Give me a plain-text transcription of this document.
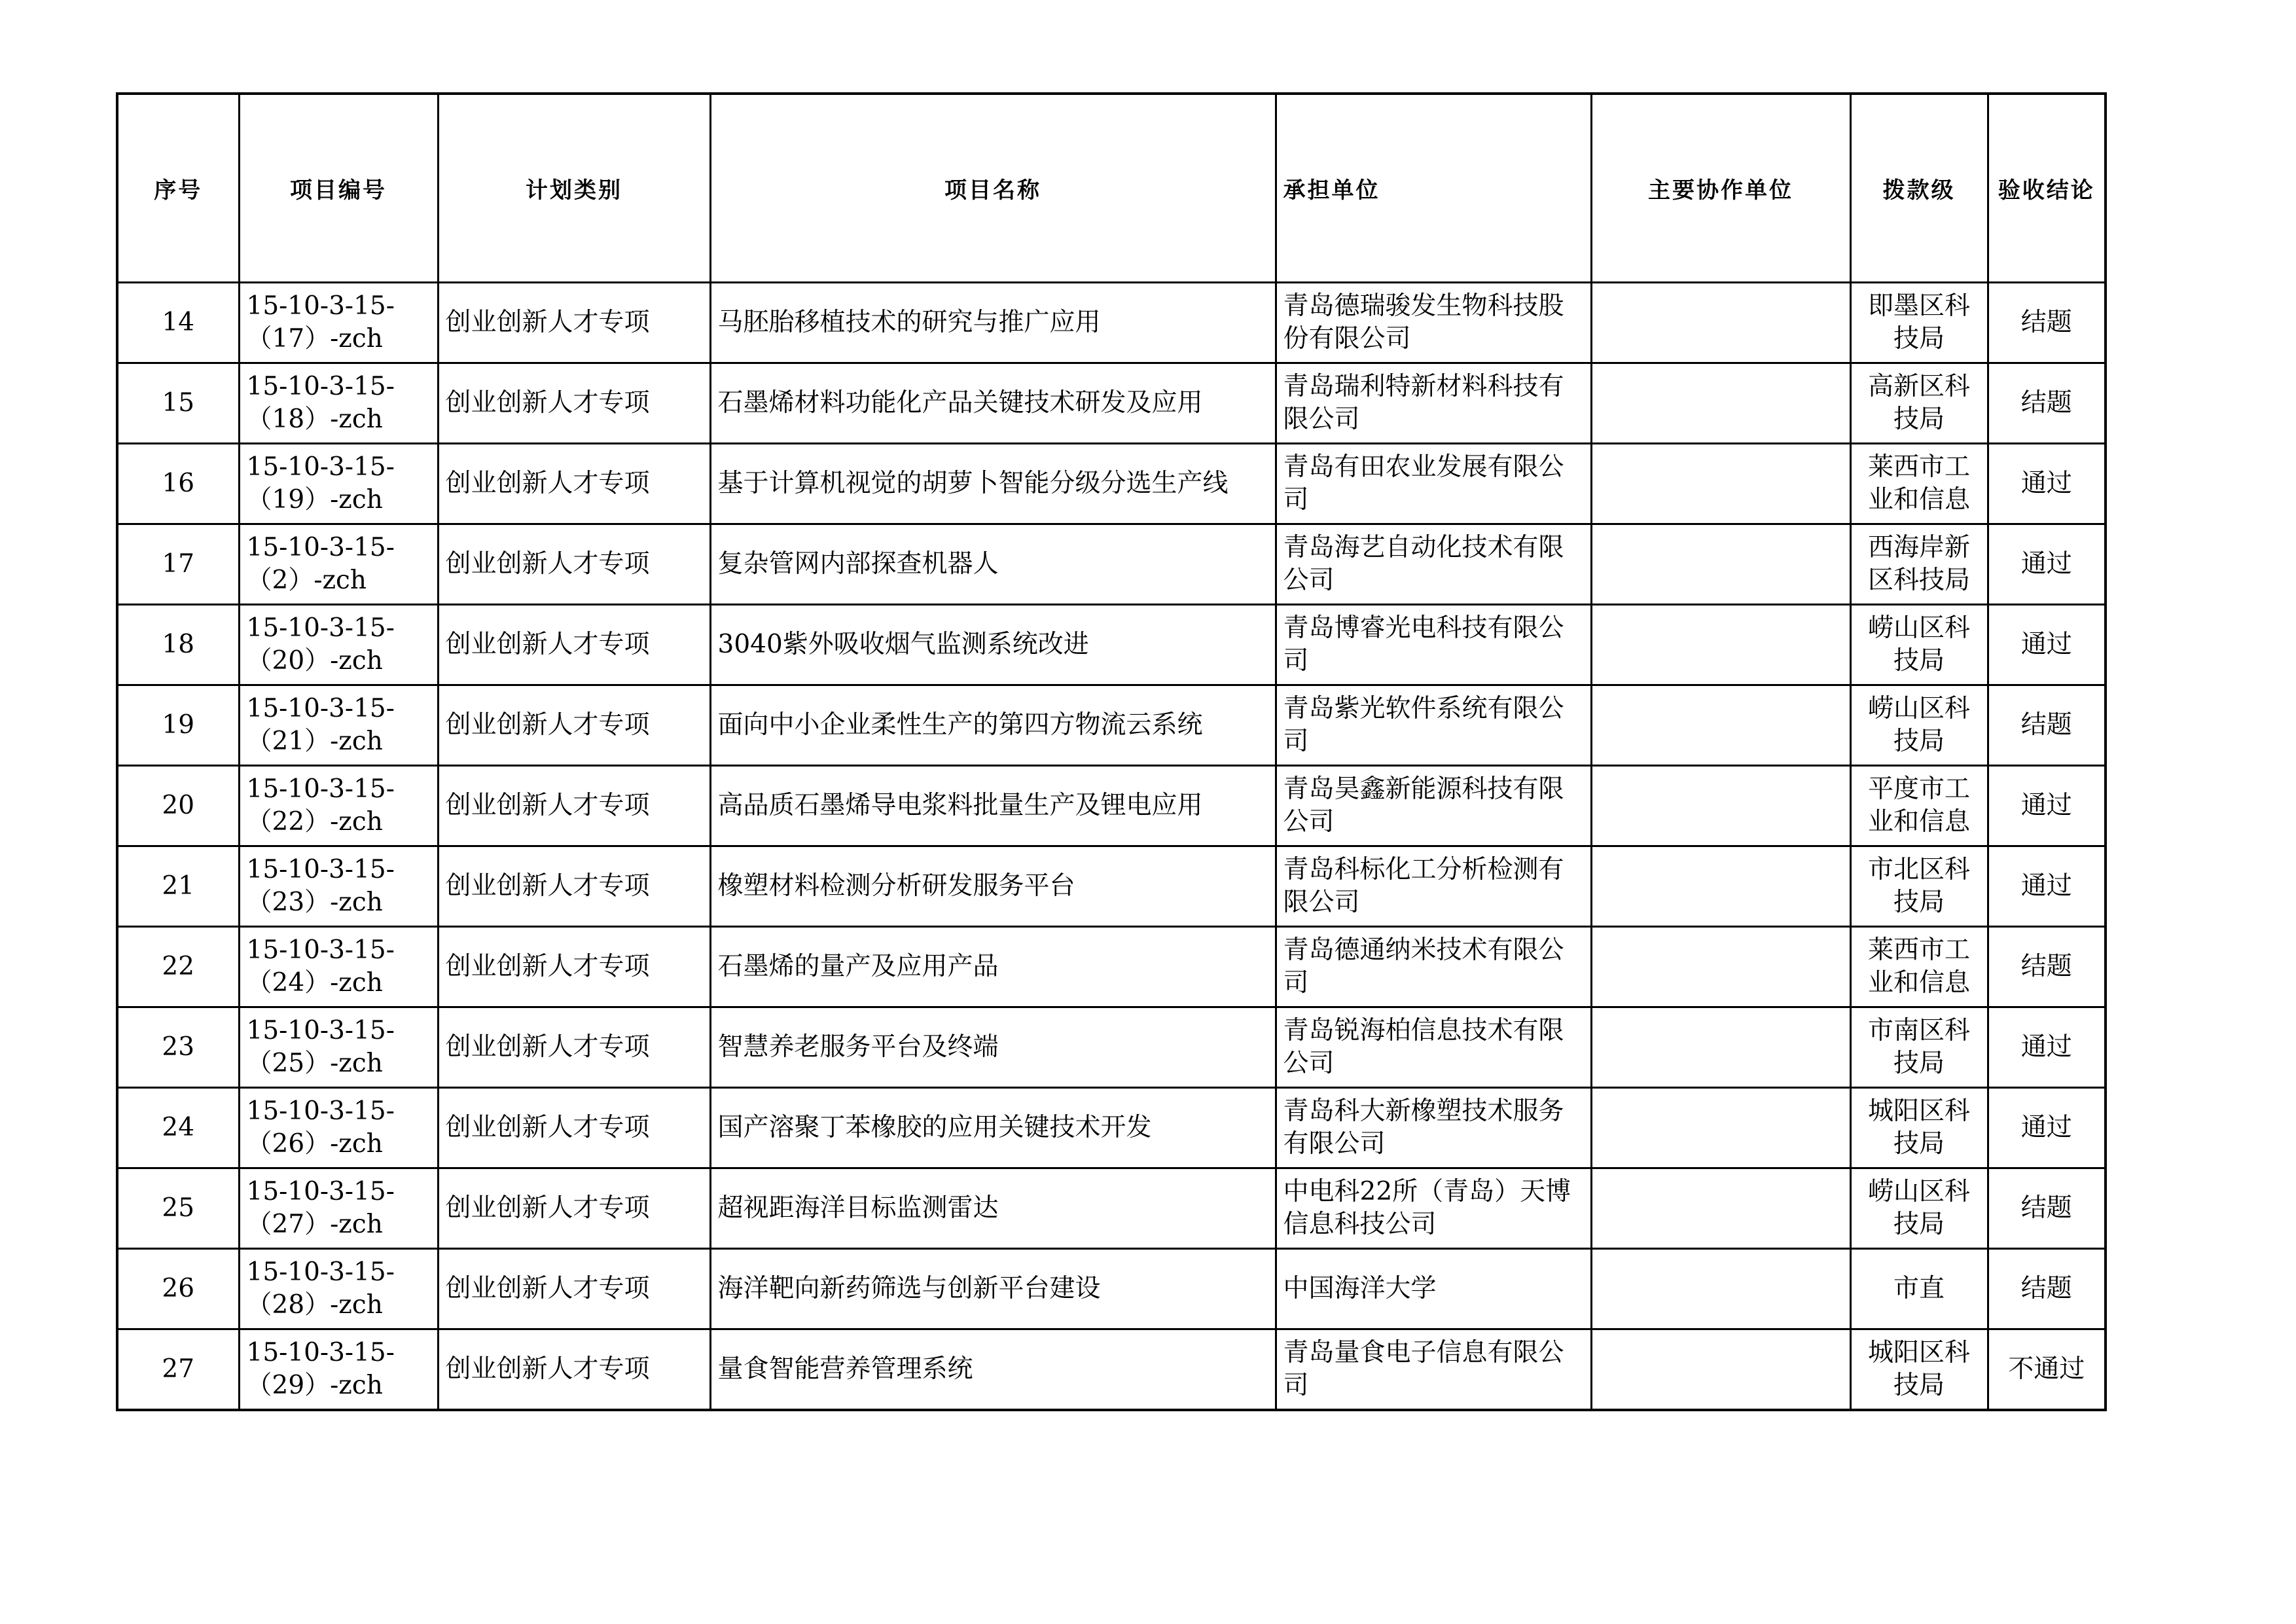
序号	项目编号	计划类别	项目名称	承担单位	主要协作单位	拨款级	验收结论
14	15-10-3-15-（17）-zch	创业创新人才专项	马胚胎移植技术的研究与推广应用	青岛德瑞骏发生物科技股份有限公司		即墨区科技局	结题
15	15-10-3-15-（18）-zch	创业创新人才专项	石墨烯材料功能化产品关键技术研发及应用	青岛瑞利特新材料科技有限公司		高新区科技局	结题
16	15-10-3-15-（19）-zch	创业创新人才专项	基于计算机视觉的胡萝卜智能分级分选生产线	青岛有田农业发展有限公司		莱西市工业和信息	通过
17	15-10-3-15-（2）-zch	创业创新人才专项	复杂管网内部探查机器人	青岛海艺自动化技术有限公司		西海岸新区科技局	通过
18	15-10-3-15-（20）-zch	创业创新人才专项	3040紫外吸收烟气监测系统改进	青岛博睿光电科技有限公司		崂山区科技局	通过
19	15-10-3-15-（21）-zch	创业创新人才专项	面向中小企业柔性生产的第四方物流云系统	青岛紫光软件系统有限公司		崂山区科技局	结题
20	15-10-3-15-（22）-zch	创业创新人才专项	高品质石墨烯导电浆料批量生产及锂电应用	青岛昊鑫新能源科技有限公司		平度市工业和信息	通过
21	15-10-3-15-（23）-zch	创业创新人才专项	橡塑材料检测分析研发服务平台	青岛科标化工分析检测有限公司		市北区科技局	通过
22	15-10-3-15-（24）-zch	创业创新人才专项	石墨烯的量产及应用产品	青岛德通纳米技术有限公司		莱西市工业和信息	结题
23	15-10-3-15-（25）-zch	创业创新人才专项	智慧养老服务平台及终端	青岛锐海柏信息技术有限公司		市南区科技局	通过
24	15-10-3-15-（26）-zch	创业创新人才专项	国产溶聚丁苯橡胶的应用关键技术开发	青岛科大新橡塑技术服务有限公司		城阳区科技局	通过
25	15-10-3-15-（27）-zch	创业创新人才专项	超视距海洋目标监测雷达	中电科22所（青岛）天博信息科技公司		崂山区科技局	结题
26	15-10-3-15-（28）-zch	创业创新人才专项	海洋靶向新药筛选与创新平台建设	中国海洋大学		市直	结题
27	15-10-3-15-（29）-zch	创业创新人才专项	量食智能营养管理系统	青岛量食电子信息有限公司		城阳区科技局	不通过
